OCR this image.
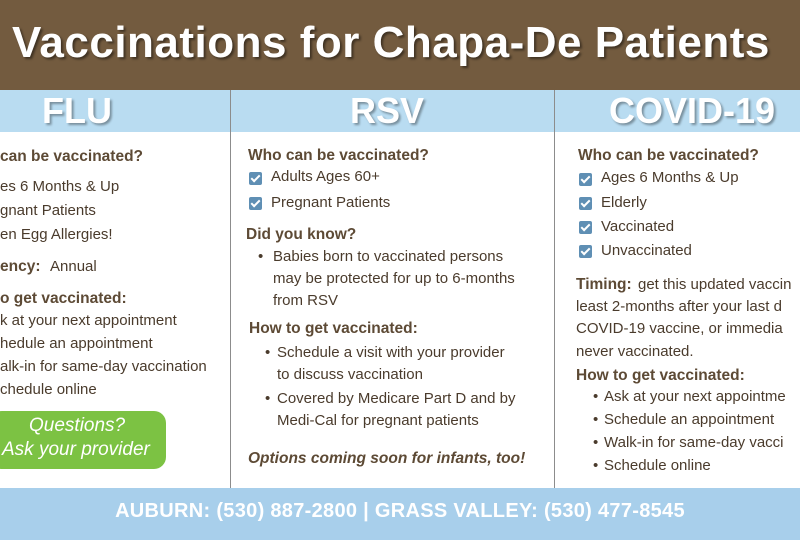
Vaccinations for Chapa-De Patients
FLU	RSV	COVID-19
can be vaccinated?
es 6 Months & Up
gnant Patients
en Egg Allergies!
ency: Annual
o get vaccinated:
k at your next appointment
hedule an appointment
alk-in for same-day vaccination
chedule online
Questions?
Ask your provider
Who can be vaccinated?
Adults Ages 60+
Pregnant Patients
Did you know?
• Babies born to vaccinated persons
may be protected for up to 6-months
from RSV
How to get vaccinated:
• Schedule a visit with your provider
to discuss vaccination
• Covered by Medicare Part D and by
Medi-Cal for pregnant patients
Options coming soon for infants, too!
Who can be vaccinated?
Ages 6 Months & Up
Elderly
Vaccinated
Unvaccinated
Timing: get this updated vaccin
least 2-months after your last d
COVID-19 vaccine, or immedia
never vaccinated.
How to get vaccinated:
• Ask at your next appointme
• Schedule an appointment
• Walk-in for same-day vacci
• Schedule online
AUBURN: (530) 887-2800 | GRASS VALLEY: (530) 477-8545
